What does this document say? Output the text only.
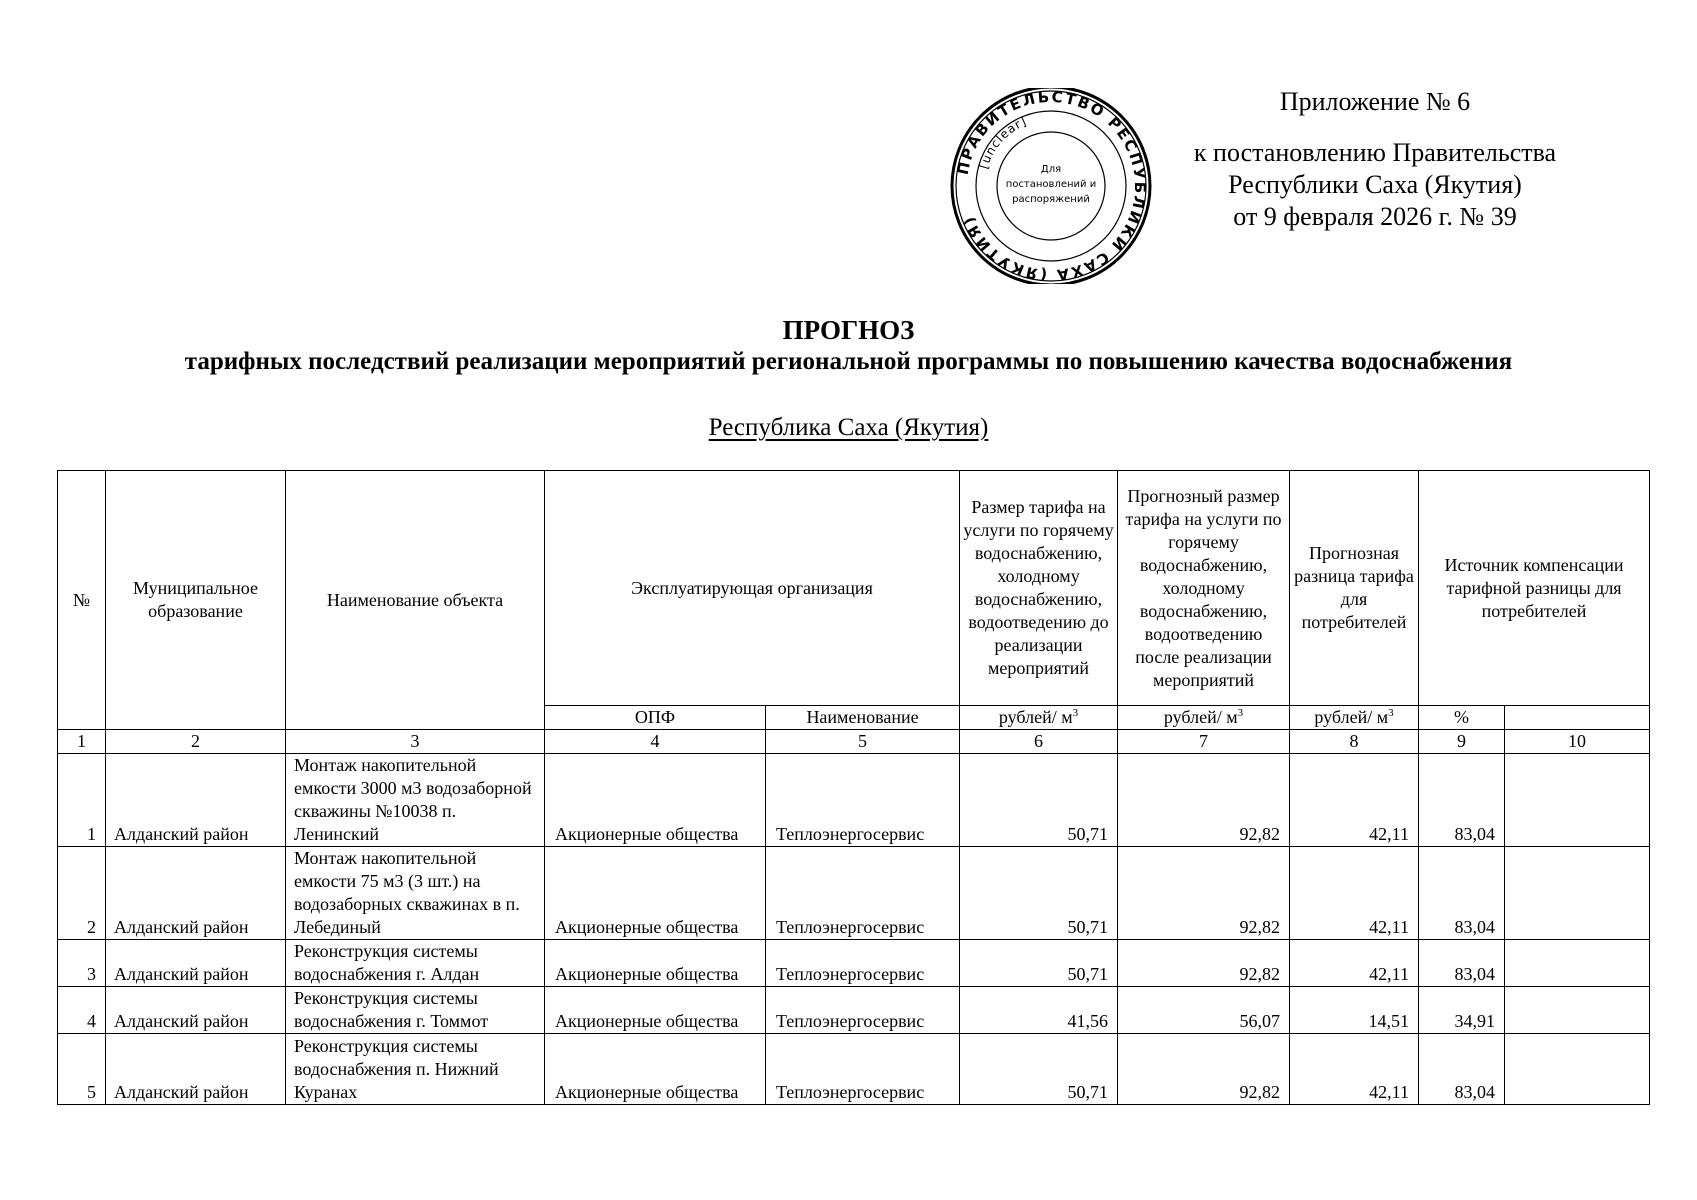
ПРАВИТЕЛЬСТВО РЕСПУБЛИКИ САХА (ЯКУТИЯ)
[unclear]
Для
постановлений и
распоряжений
Приложение № 6
к постановлению Правительства
Республики Саха (Якутия)
от 9 февраля 2026 г. № 39
ПРОГНОЗ
тарифных последствий реализации мероприятий региональной программы по повышению качества водоснабжения
Республика Саха (Якутия)
№	Муниципальное образование	Наименование объекта	Эксплуатирующая организация		Размер тарифа на услуги по горячему водоснабжению, холодному водоснабжению, водоотведению до реализации мероприятий	Прогнозный размер тарифа на услуги по горячему водоснабжению, холодному водоснабжению, водоотведению после реализации мероприятий	Прогнозная разница тарифа для потребителей	Источник компенсации тарифной разницы для потребителей	
			ОПФ	Наименование	рублей/ $м^3$	рублей/ $м^3$	рублей/ $м^3$	%	
1	2	3	4	5	6	7	8	9	10
1	Алданский район	Монтаж накопительной емкости 3000 м3 водозаборной скважины №10038 п. Ленинский	Акционерные общества	Теплоэнергосервис	50,71	92,82	42,11	83,04	
2	Алданский район	Монтаж накопительной емкости 75 м3 (3 шт.) на водозаборных скважинах в п. Лебединый	Акционерные общества	Теплоэнергосервис	50,71	92,82	42,11	83,04	
3	Алданский район	Реконструкция системы водоснабжения г. Алдан	Акционерные общества	Теплоэнергосервис	50,71	92,82	42,11	83,04	
4	Алданский район	Реконструкция системы водоснабжения г. Томмот	Акционерные общества	Теплоэнергосервис	41,56	56,07	14,51	34,91	
5	Алданский район	Реконструкция системы водоснабжения п. Нижний Куранах	Акционерные общества	Теплоэнергосервис	50,71	92,82	42,11	83,04	
